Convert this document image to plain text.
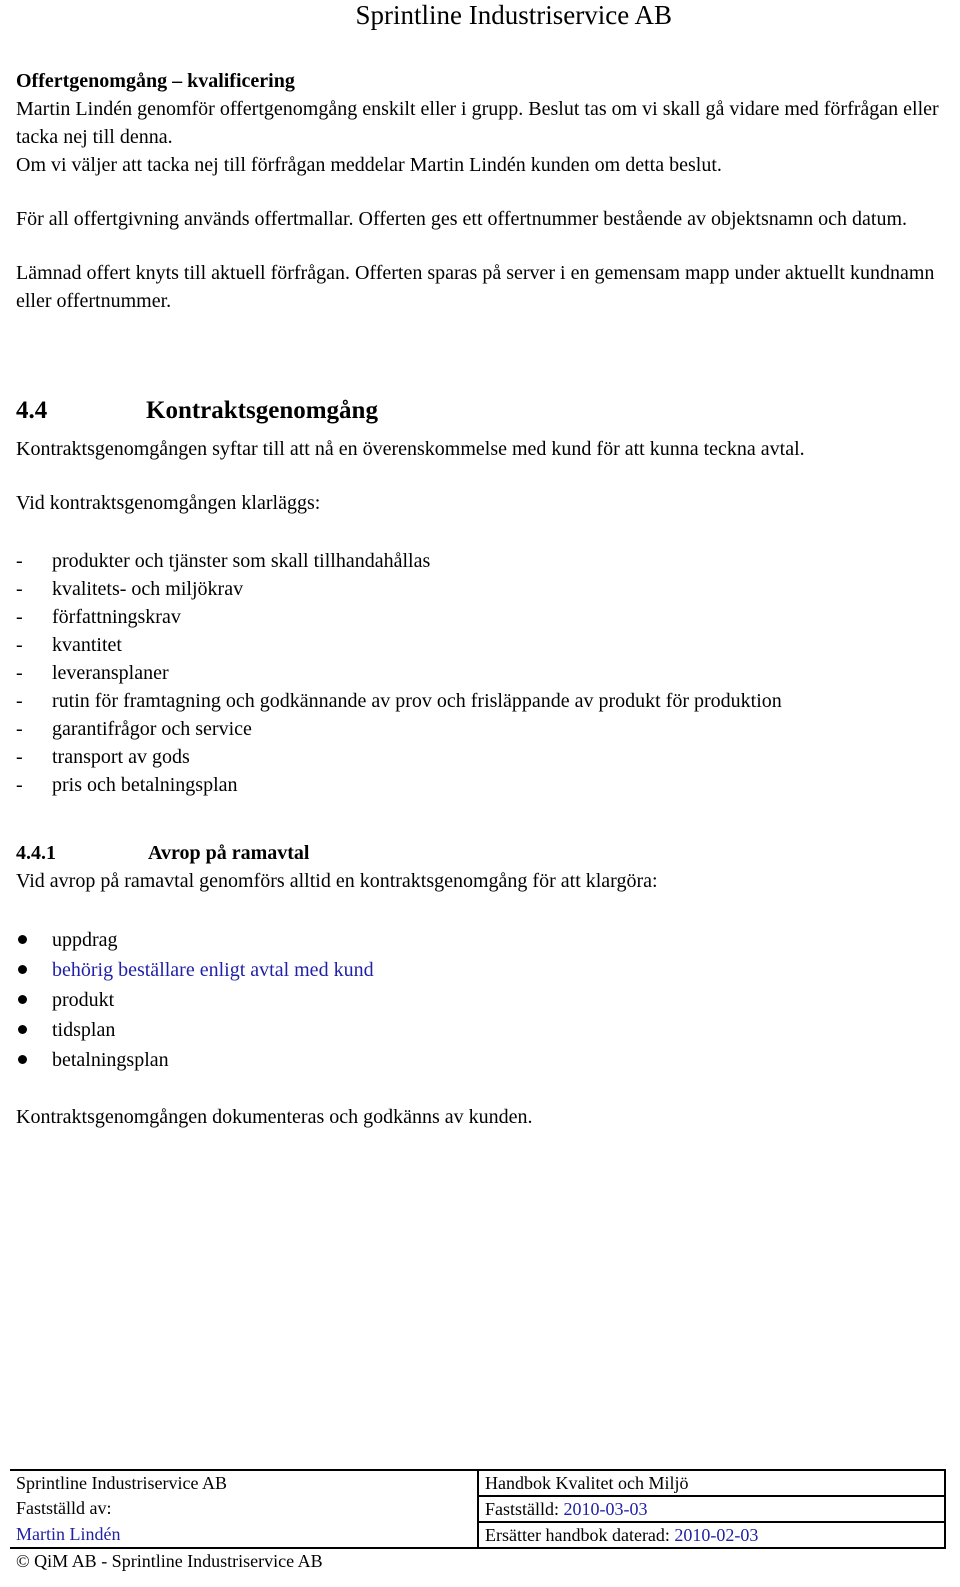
Sprintline Industriservice AB

Offertgenomgång – kvalificering

Martin Lindén genomför offertgenomgång enskilt eller i grupp. Beslut tas om vi skall gå vidare med förfrågan eller tacka nej till denna.

Om vi väljer att tacka nej till förfrågan meddelar Martin Lindén kunden om detta beslut.

För all offertgivning används offertmallar. Offerten ges ett offertnummer bestående av objektsnamn och datum.

Lämnad offert knyts till aktuell förfrågan. Offerten sparas på server i en gemensam mapp under aktuellt kundnamn eller offertnummer.

4.4	Kontraktsgenomgång

Kontraktsgenomgången syftar till att nå en överenskommelse med kund för att kunna teckna avtal.

Vid kontraktsgenomgången klarläggs:

- produkter och tjänster som skall tillhandahållas
- kvalitets- och miljökrav
- författningskrav
- kvantitet
- leveransplaner
- rutin för framtagning och godkännande av prov och frisläppande av produkt för produktion
- garantifrågor och service
- transport av gods
- pris och betalningsplan
4.4.1	Avrop på ramavtal

Vid avrop på ramavtal genomförs alltid en kontraktsgenomgång för att klargöra:

uppdrag
behörig beställare enligt avtal med kund
produkt
tidsplan
betalningsplan

Kontraktsgenomgången dokumenteras och godkänns av kunden.

Sprintline Industriservice AB	Handbok Kvalitet och Miljö
Fastställd av:	Fastställd: 2010-03-03
Martin Lindén	Ersätter handbok daterad: 2010-02-03
© QiM AB - Sprintline Industriservice AB	
